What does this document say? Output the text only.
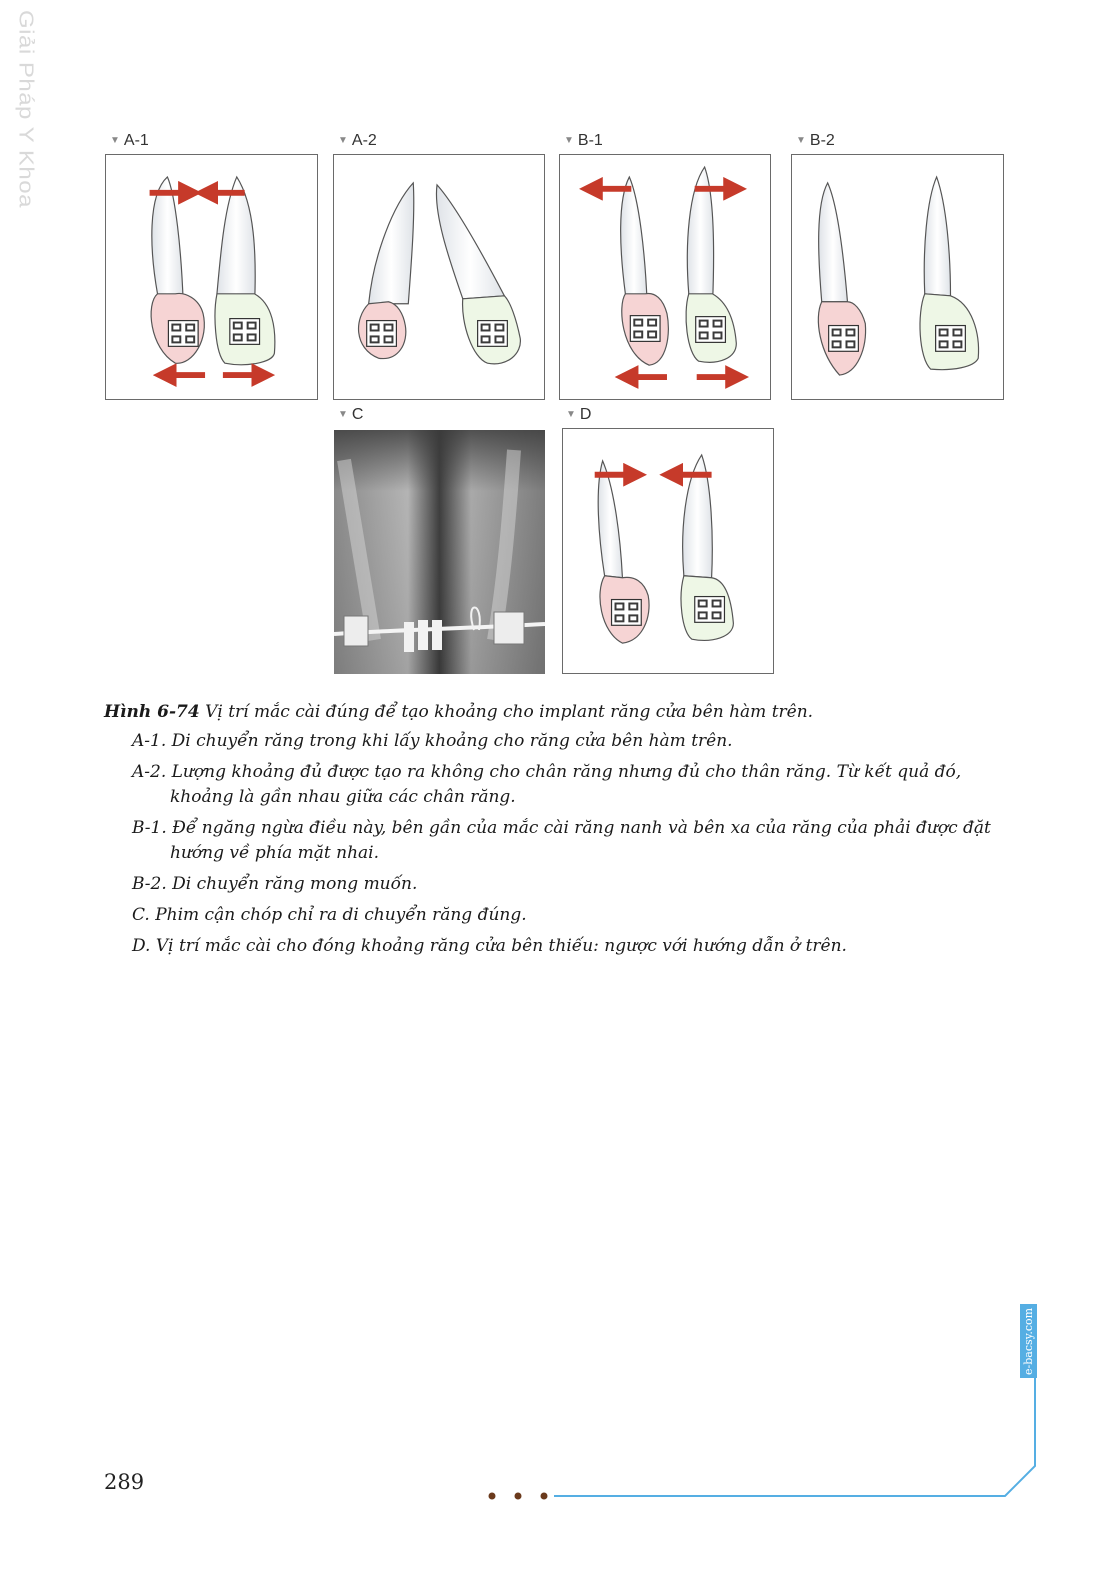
Giải Pháp Y Khoa	▼ A-1	▼ A-2	▼ B-1	▼ B-2
▼ C	▼ D

Hình 6-74 Vị trí mắc cài đúng để tạo khoảng cho implant răng cửa bên hàm trên.

A-1. Di chuyển răng trong khi lấy khoảng cho răng cửa bên hàm trên.
A-2. Lượng khoảng đủ được tạo ra không cho chân răng nhưng đủ cho thân răng. Từ kết quả đó, khoảng là gần nhau giữa các chân răng.
B-1. Để ngăng ngừa điều này, bên gần của mắc cài răng nanh và bên xa của răng của phải được đặt hướng về phía mặt nhai.
B-2. Di chuyển răng mong muốn.
C. Phim cận chóp chỉ ra di chuyển răng đúng.
D. Vị trí mắc cài cho đóng khoảng răng cửa bên thiếu: ngược với hướng dẫn ở trên.
e-bacsy.com
289
